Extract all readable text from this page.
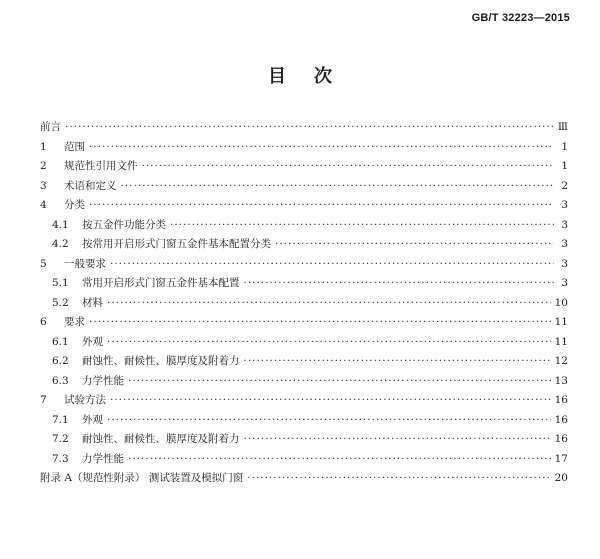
GB/T 32223—2015
目次
前言 ·····	Ⅲ
1	范围 ·····	1
2	规范性引用文件 ·····	1
3	术语和定义 ·····	2
4	分类 ·····	3
4.1	按五金件功能分类 ·····	3
4.2	按常用开启形式门窗五金件基本配置分类 ·····	3
5	一般要求 ·····	3
5.1	常用开启形式门窗五金件基本配置 ·····	3
5.2	材料 ·····	10
6	要求 ·····	11
6.1	外观 ·····	11
6.2	耐蚀性、耐候性、膜厚度及附着力 ·····	12
6.3	力学性能 ·····	13
7	试验方法 ·····	16
7.1	外观 ·····	16
7.2	耐蚀性、耐候性、膜厚度及附着力 ·····	16
7.3	力学性能 ·····	17
附录 A（规范性附录） 测试装置及模拟门窗 ·····	20
